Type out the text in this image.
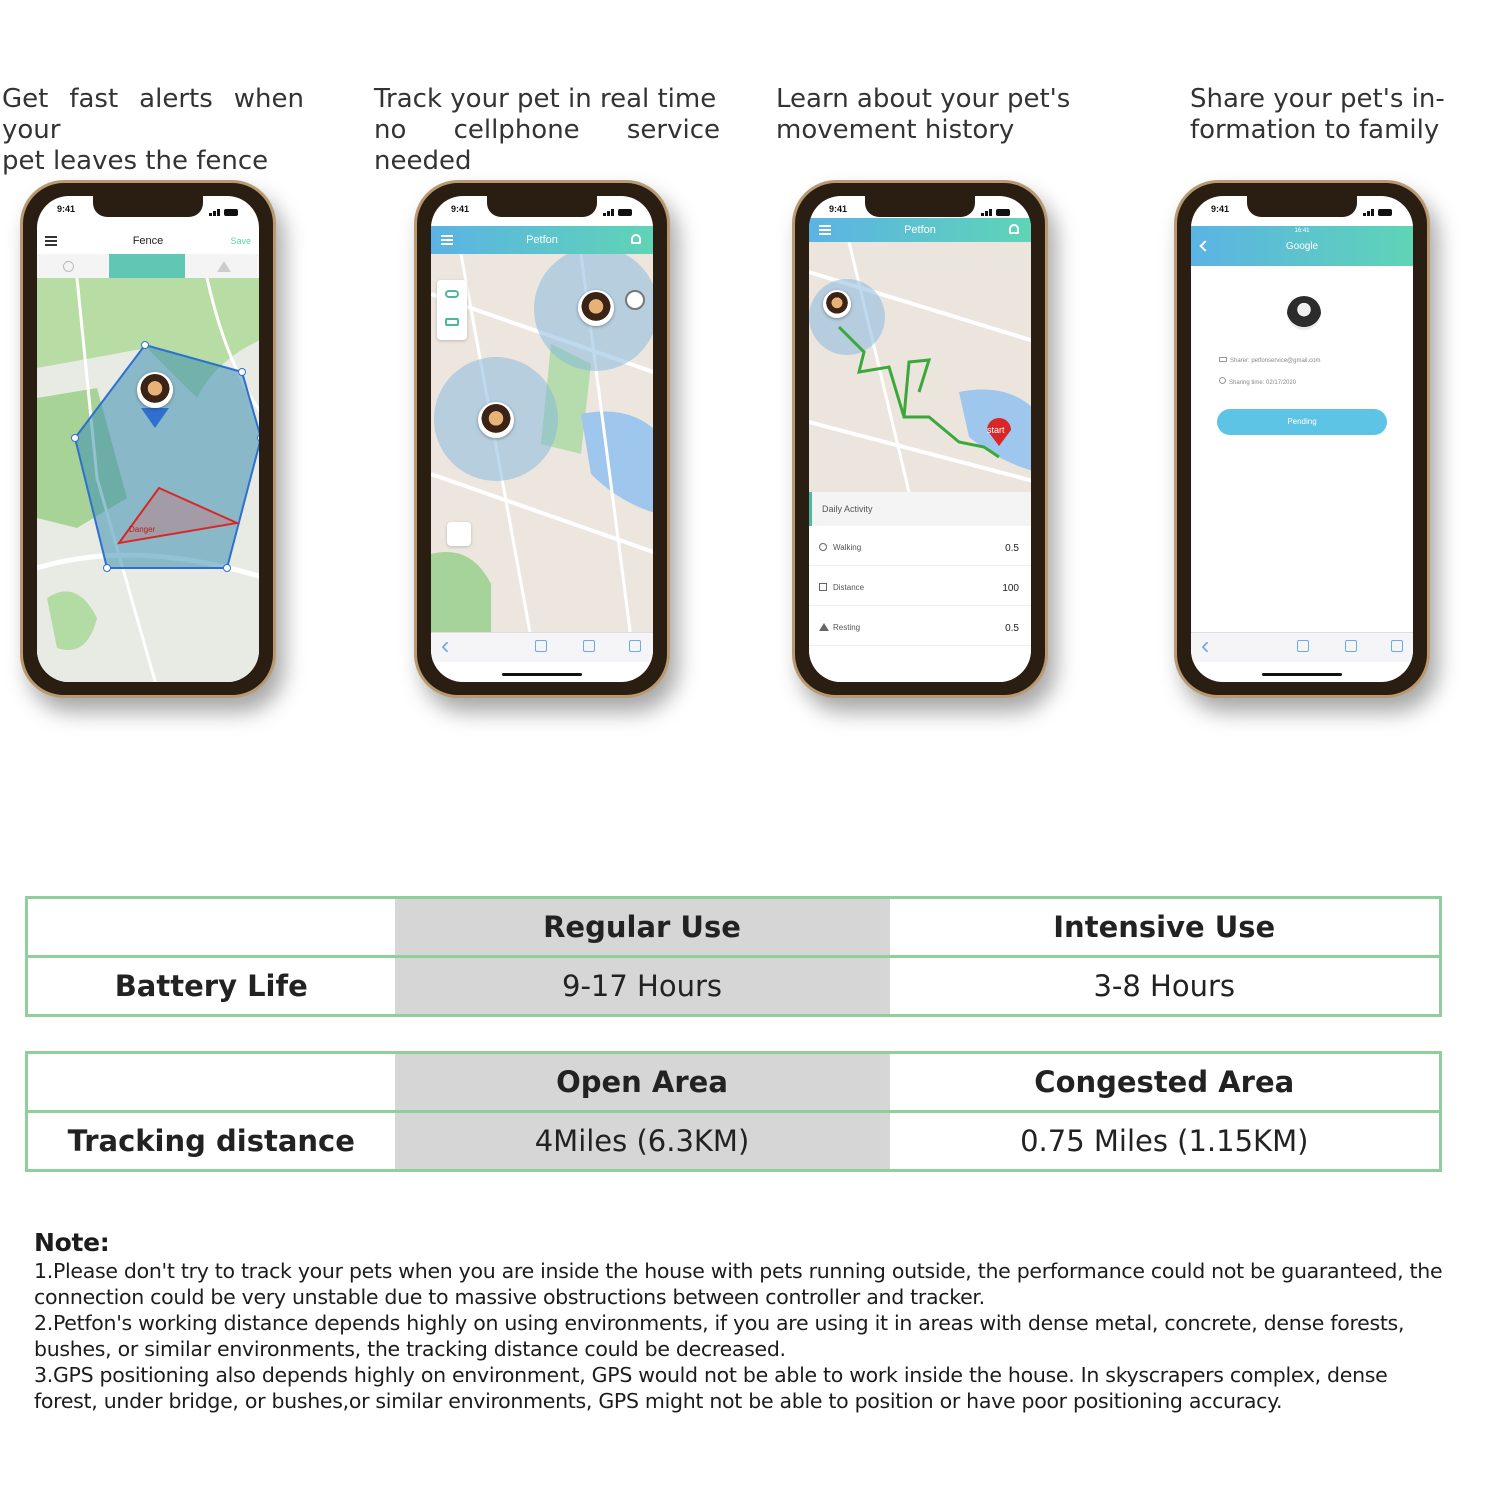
Get fast alerts when your
pet leaves the fence
Track your pet in real time
no cellphone service needed
Learn about your pet's
movement history
Share your pet's in-
formation to family
9:41
Fence	Save
Danger
9:41
Petfon
9:41
Petfon
start
Daily Activity
Walking	0.5
Distance	100
Resting	0.5
9:41
16:41
Google
Sharer: petfonservice@gmail.com
Sharing time: 02/17/2020
Pending
	Regular Use	Intensive Use
Battery Life	9-17 Hours	3-8 Hours
	Open Area	Congested Area
Tracking distance	4Miles (6.3KM)	0.75 Miles (1.15KM)
Note:

1.Please don't try to track your pets when you are inside the house with pets running outside, the performance could not be guaranteed, the connection could be very unstable due to massive obstructions between controller and tracker.

2.Petfon's working distance depends highly on using environments, if you are using it in areas with dense metal, concrete, dense forests, bushes, or similar environments, the tracking distance could be decreased.

3.GPS positioning also depends highly on environment, GPS would not be able to work inside the house. In skyscrapers complex, dense forest, under bridge, or bushes,or similar environments, GPS might not be able to position or have poor positioning accuracy.
